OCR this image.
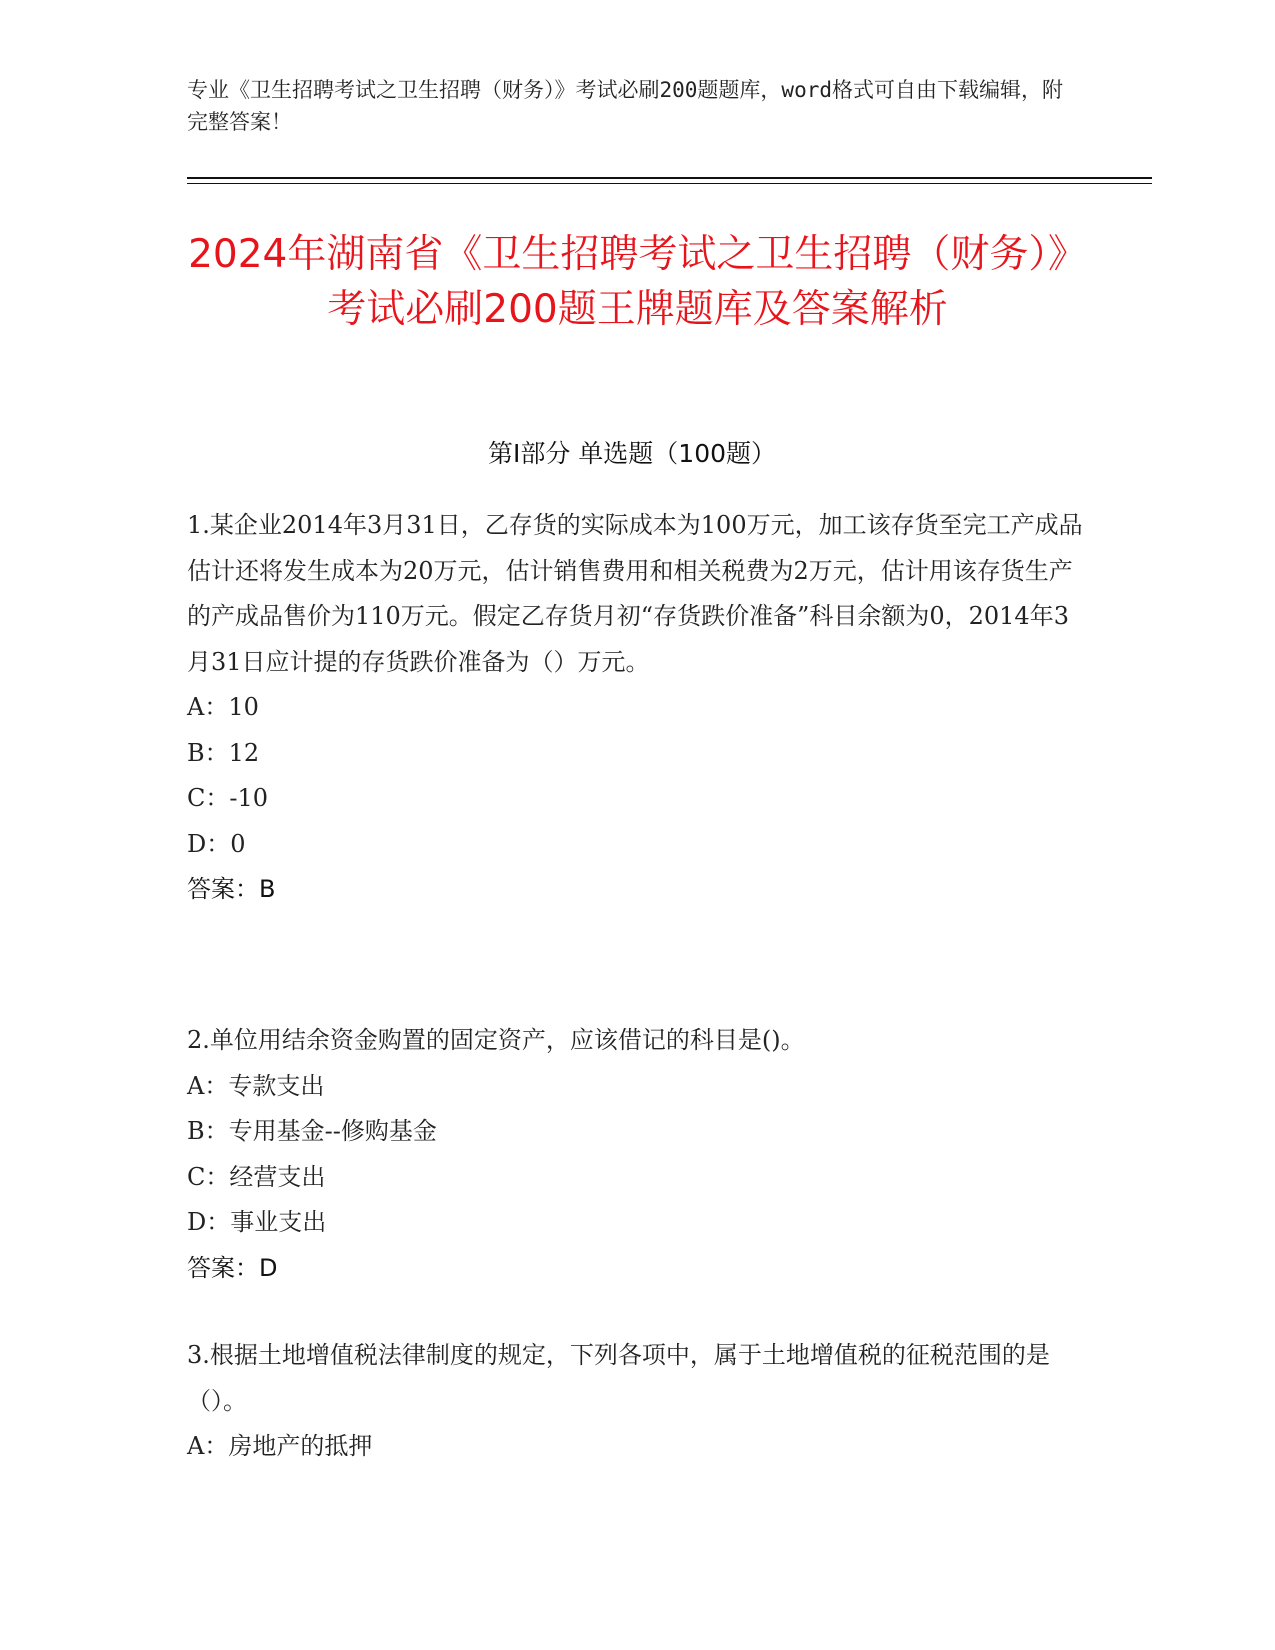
专业《卫生招聘考试之卫生招聘（财务）》考试必刷200题题库，word格式可自由下载编辑，附完整答案！
2024年湖南省《卫生招聘考试之卫生招聘（财务）》考试必刷200题王牌题库及答案解析
第Ⅰ部分 单选题（100题）
1.某企业2014年3月31日，乙存货的实际成本为100万元，加工该存货至完工产成品估计还将发生成本为20万元，估计销售费用和相关税费为2万元，估计用该存货生产的产成品售价为110万元。假定乙存货月初“存货跌价准备”科目余额为0，2014年3月31日应计提的存货跌价准备为（）万元。
A：10
B：12
C：-10
D：0
答案：B
2.单位用结余资金购置的固定资产，应该借记的科目是()。
A：专款支出
B：专用基金--修购基金
C：经营支出
D：事业支出
答案：D
3.根据土地增值税法律制度的规定，下列各项中，属于土地增值税的征税范围的是（）。
A：房地产的抵押
